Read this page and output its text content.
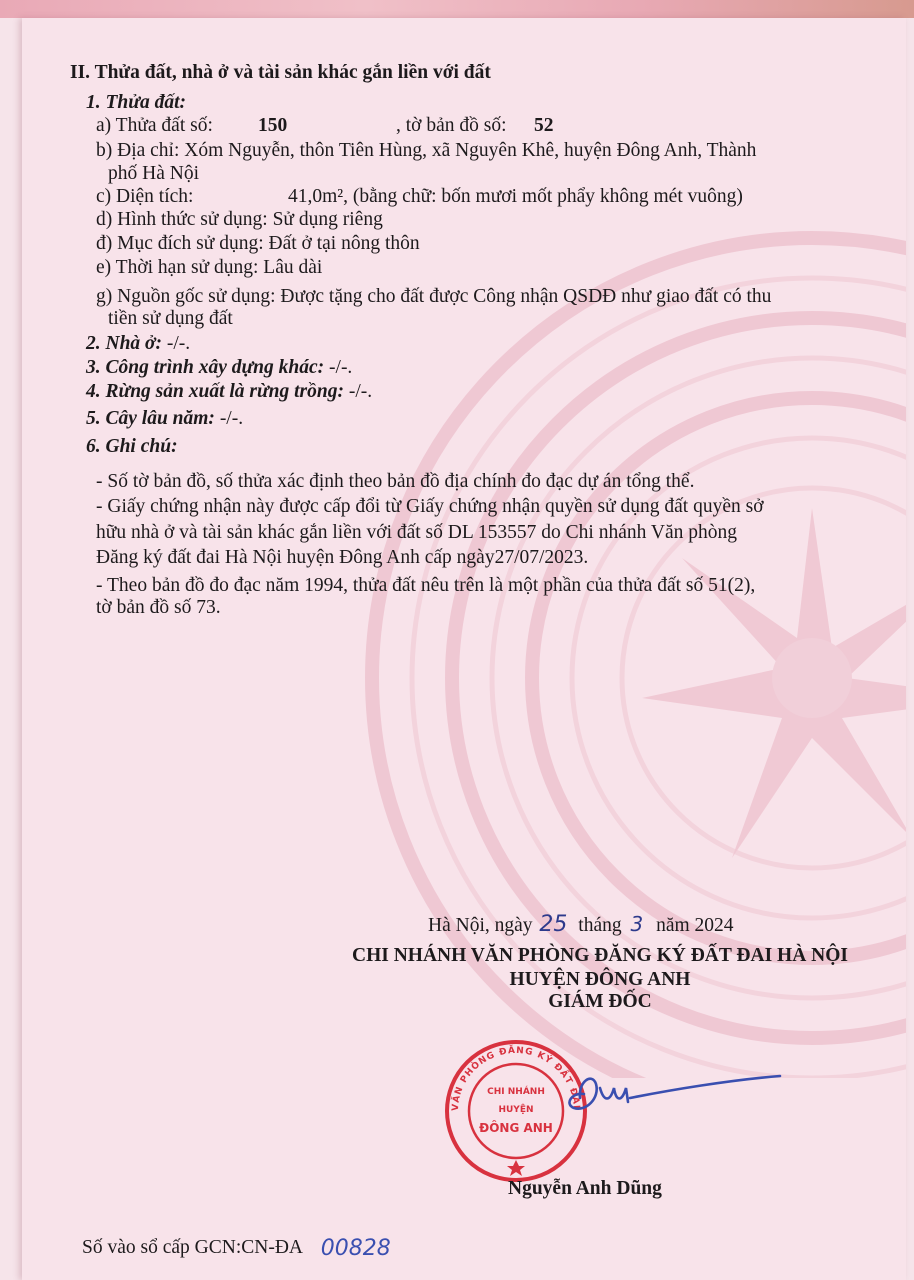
II. Thửa đất, nhà ở và tài sản khác gắn liền với đất
1. Thửa đất:
a) Thửa đất số: 150	, tờ bản đồ số: 52
b) Địa chỉ: Xóm Nguyễn, thôn Tiên Hùng, xã Nguyên Khê, huyện Đông Anh, Thành
phố Hà Nội
c) Diện tích:	41,0m², (bằng chữ: bốn mươi mốt phẩy không mét vuông)
d) Hình thức sử dụng: Sử dụng riêng
đ) Mục đích sử dụng: Đất ở tại nông thôn
e) Thời hạn sử dụng: Lâu dài
g) Nguồn gốc sử dụng: Được tặng cho đất được Công nhận QSDĐ như giao đất có thu
tiền sử dụng đất
2. Nhà ở: -/-.
3. Công trình xây dựng khác: -/-.
4. Rừng sản xuất là rừng trồng: -/-.
5. Cây lâu năm: -/-.
6. Ghi chú:
- Số tờ bản đồ, số thửa xác định theo bản đồ địa chính đo đạc dự án tổng thể.
- Giấy chứng nhận này được cấp đổi từ Giấy chứng nhận quyền sử dụng đất quyền sở
hữu nhà ở và tài sản khác gắn liền với đất số DL 153557 do Chi nhánh Văn phòng
Đăng ký đất đai Hà Nội huyện Đông Anh cấp ngày27/07/2023.
- Theo bản đồ đo đạc năm 1994, thửa đất nêu trên là một phần của thửa đất số 51(2),
tờ bản đồ số 73.
Hà Nội, ngày 25 tháng 3 năm 2024
CHI NHÁNH VĂN PHÒNG ĐĂNG KÝ ĐẤT ĐAI HÀ NỘI
HUYỆN ĐÔNG ANH
GIÁM ĐỐC
VĂN PHÒNG ĐĂNG KÝ ĐẤT ĐAI
CHI NHÁNH
HUYỆN
ĐÔNG ANH
Nguyễn Anh Dũng
Số vào sổ cấp GCN:CN-ĐA 00828
